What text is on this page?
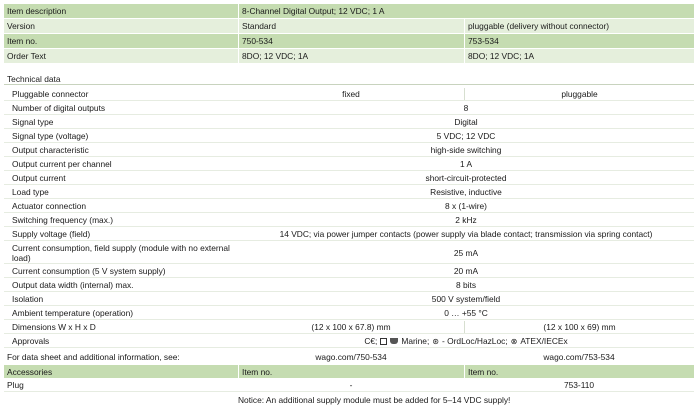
Item description	8-Channel Digital Output; 12 VDC; 1 A
Version	Standard	pluggable (delivery without connector)
Item no.	750-534	753-534
Order Text	8DO; 12 VDC; 1A	8DO; 12 VDC; 1A
Technical data
Pluggable connector	fixed	pluggable
Number of digital outputs	8
Signal type	Digital
Signal type (voltage)	5 VDC; 12 VDC
Output characteristic	high-side switching
Output current per channel	1 A
Output current	short-circuit-protected
Load type	Resistive, inductive
Actuator connection	8 x (1-wire)
Switching frequency (max.)	2 kHz
Supply voltage (field)	14 VDC; via power jumper contacts (power supply via blade contact; transmission via spring contact)
Current consumption, field supply (module with no external load)	25 mA
Current consumption (5 V system supply)	20 mA
Output data width (internal) max.	8 bits
Isolation	500 V system/field
Ambient temperature (operation)	0 … +55 °C
Dimensions W x H x D	(12 x 100 x 67.8) mm	(12 x 100 x 69) mm
Approvals	C€;	Marine; ⊛ - OrdLoc/HazLoc; ⊗ ATEX/IECEx
For data sheet and additional information, see:	wago.com/750-534	wago.com/753-534
Accessories	Item no.	Item no.
Plug	-	753-110
Notice: An additional supply module must be added for 5–14 VDC supply!
